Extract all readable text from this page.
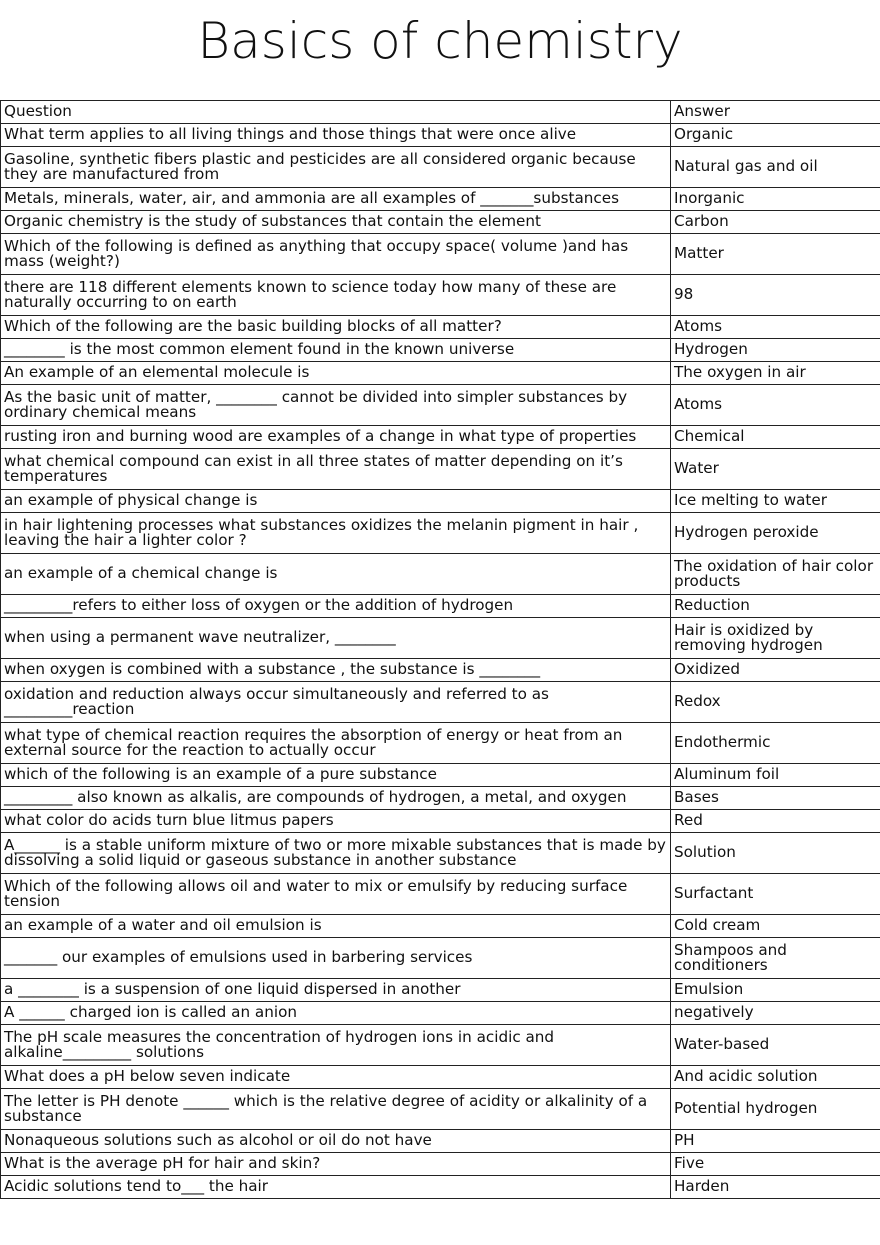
Basics of chemistry
Question	Answer
What term applies to all living things and those things that were once alive	Organic
Gasoline, synthetic fibers plastic and pesticides are all considered organic because they are manufactured from	Natural gas and oil
Metals, minerals, water, air, and ammonia are all examples of _______substances	Inorganic
Organic chemistry is the study of substances that contain the element	Carbon
Which of the following is defined as anything that occupy space( volume )and has mass (weight?)	Matter
there are 118 different elements known to science today how many of these are naturally occurring to on earth	98
Which of the following are the basic building blocks of all matter?	Atoms
________ is the most common element found in the known universe	Hydrogen
An example of an elemental molecule is	The oxygen in air
As the basic unit of matter, ________ cannot be divided into simpler substances by ordinary chemical means	Atoms
rusting iron and burning wood are examples of a change in what type of properties	Chemical
what chemical compound can exist in all three states of matter depending on it’s temperatures	Water
an example of physical change is	Ice melting to water
in hair lightening processes what substances oxidizes the melanin pigment in hair , leaving the hair a lighter color ?	Hydrogen peroxide
an example of a chemical change is	The oxidation of hair color products
_________refers to either loss of oxygen or the addition of hydrogen	Reduction
when using a permanent wave neutralizer, ________	Hair is oxidized by removing hydrogen
when oxygen is combined with a substance , the substance is ________	Oxidized
oxidation and reduction always occur simultaneously and referred to as _________reaction	Redox
what type of chemical reaction requires the absorption of energy or heat from an external source for the reaction to actually occur	Endothermic
which of the following is an example of a pure substance	Aluminum foil
_________ also known as alkalis, are compounds of hydrogen, a metal, and oxygen	Bases
what color do acids turn blue litmus papers	Red
A______ is a stable uniform mixture of two or more mixable substances that is made by dissolving a solid liquid or gaseous substance in another substance	Solution
Which of the following allows oil and water to mix or emulsify by reducing surface tension	Surfactant
an example of a water and oil emulsion is	Cold cream
_______ our examples of emulsions used in barbering services	Shampoos and conditioners
a ________ is a suspension of one liquid dispersed in another	Emulsion
A ______ charged ion is called an anion	negatively
The pH scale measures the concentration of hydrogen ions in acidic and alkaline_________ solutions	Water-based
What does a pH below seven indicate	And acidic solution
The letter is PH denote ______ which is the relative degree of acidity or alkalinity of a substance	Potential hydrogen
Nonaqueous solutions such as alcohol or oil do not have	PH
What is the average pH for hair and skin?	Five
Acidic solutions tend to___ the hair	Harden
